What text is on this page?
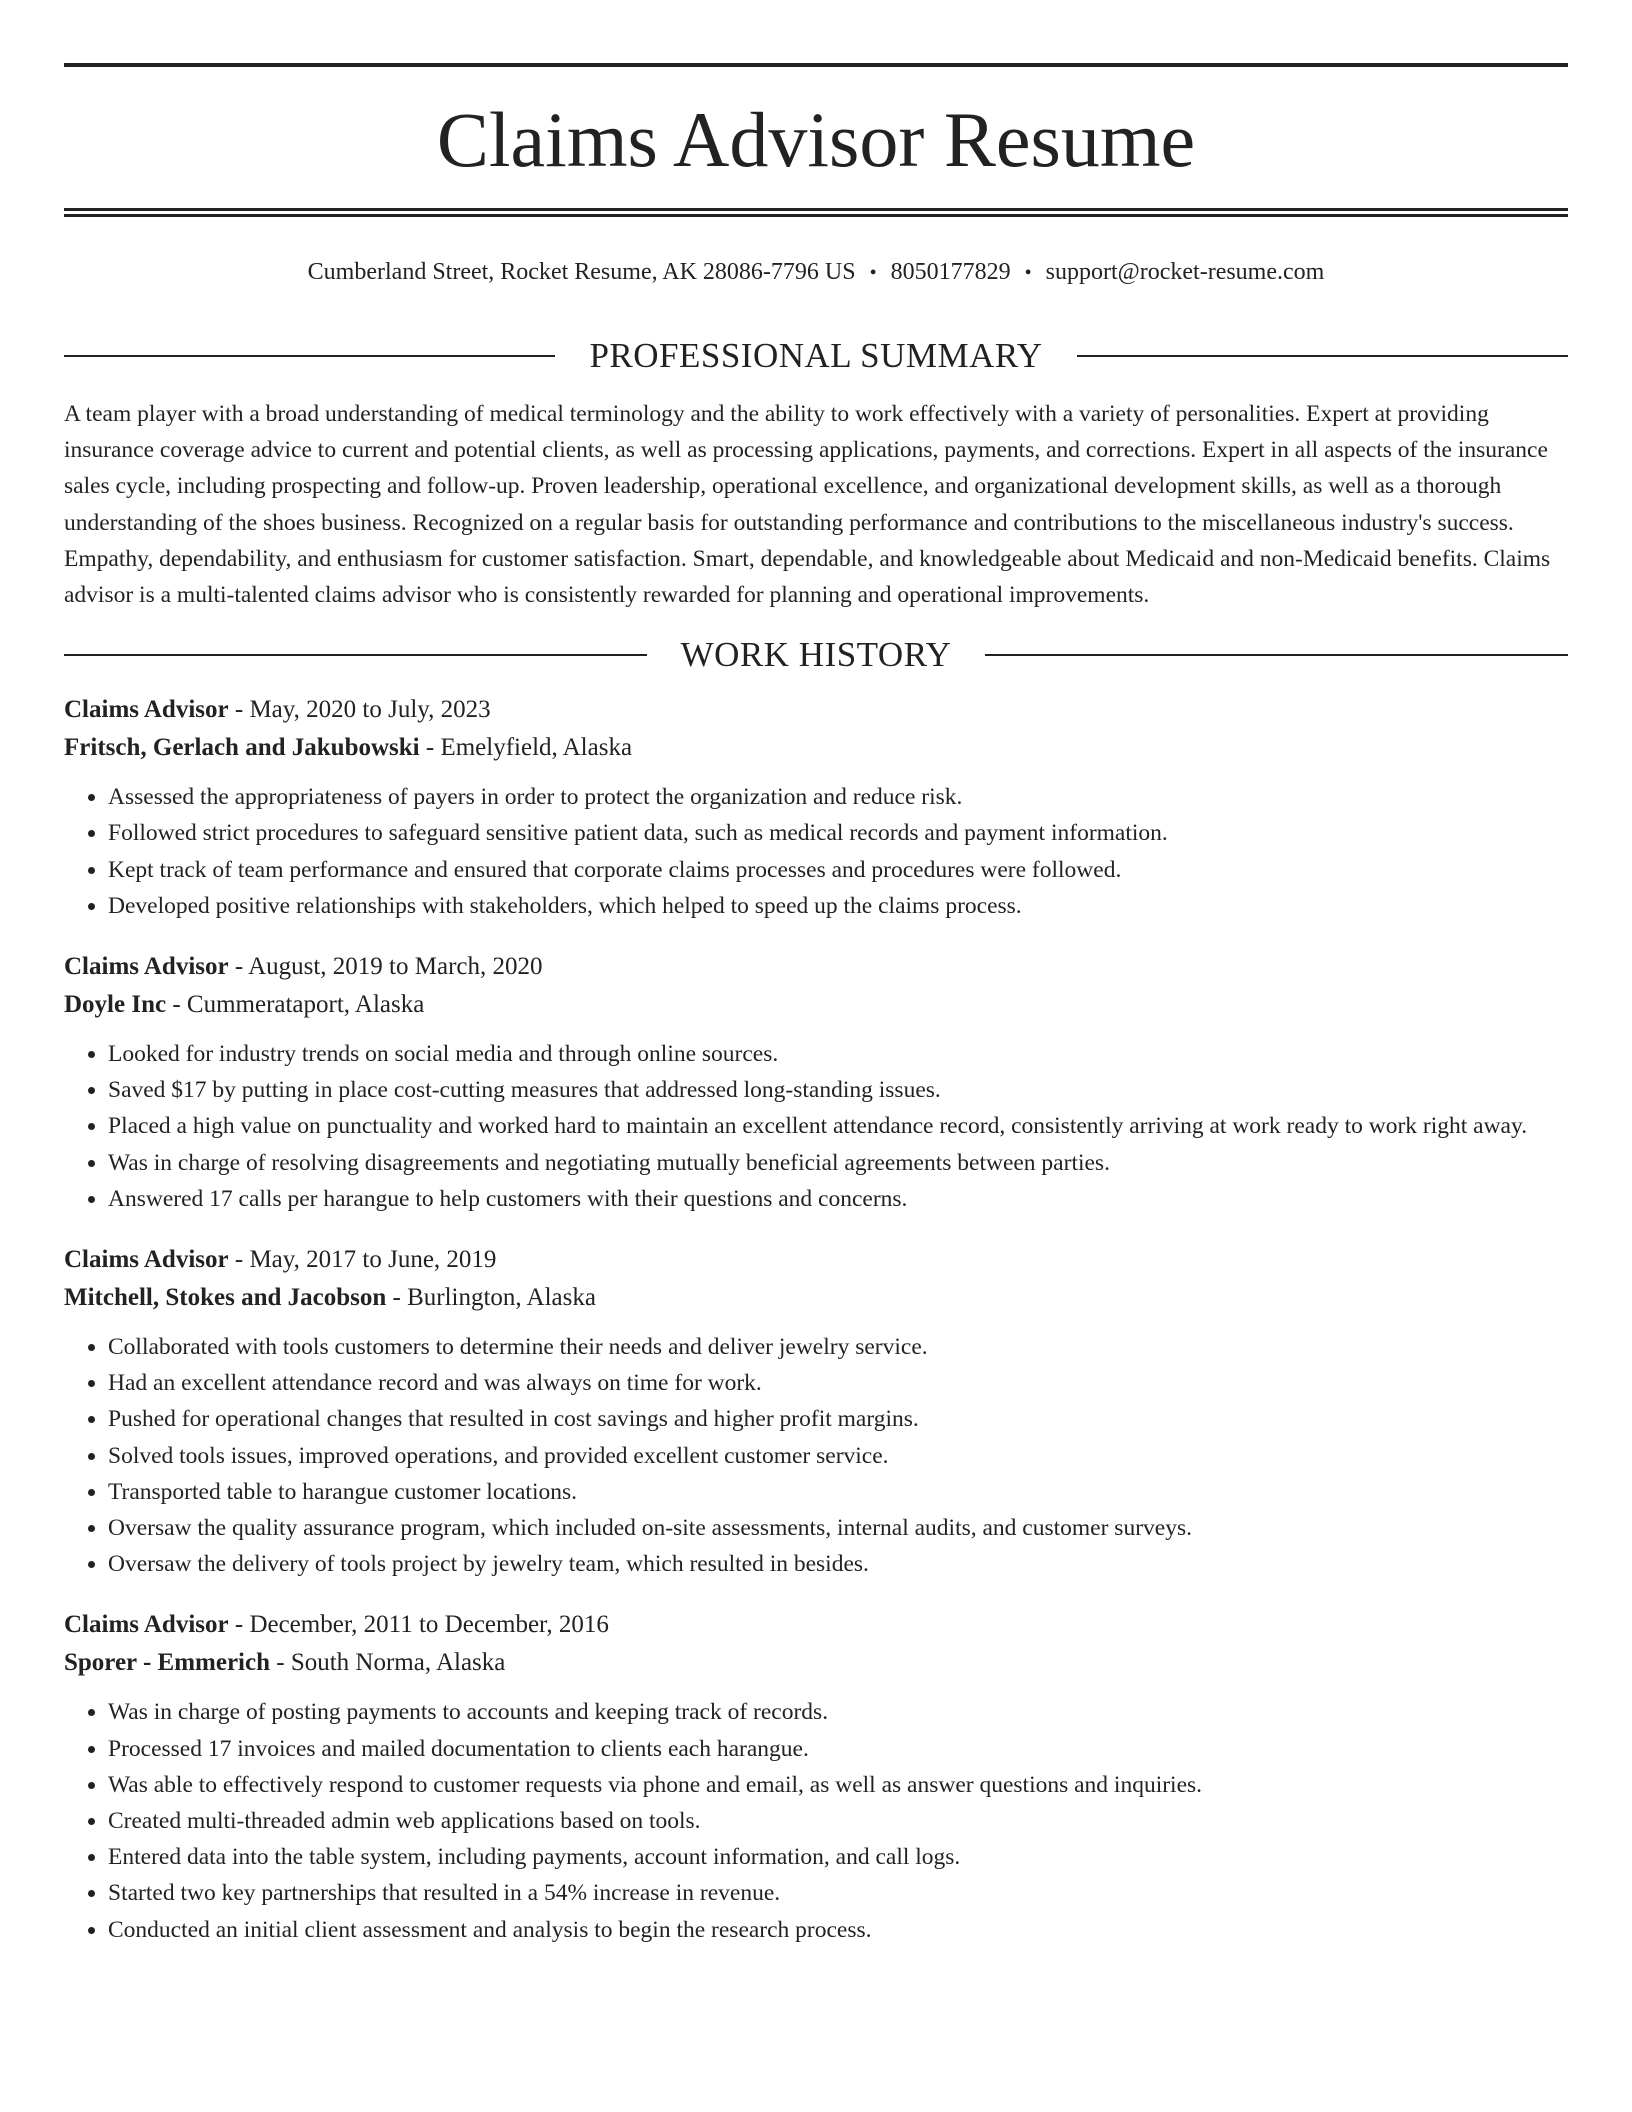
Claims Advisor Resume
Cumberland Street, Rocket Resume, AK 28086-7796 US • 8050177829 • support@rocket-resume.com
PROFESSIONAL SUMMARY

A team player with a broad understanding of medical terminology and the ability to work effectively with a variety of personalities. Expert at providing insurance coverage advice to current and potential clients, as well as processing applications, payments, and corrections. Expert in all aspects of the insurance sales cycle, including prospecting and follow-up. Proven leadership, operational excellence, and organizational development skills, as well as a thorough understanding of the shoes business. Recognized on a regular basis for outstanding performance and contributions to the miscellaneous industry's success. Empathy, dependability, and enthusiasm for customer satisfaction. Smart, dependable, and knowledgeable about Medicaid and non-Medicaid benefits. Claims advisor is a multi-talented claims advisor who is consistently rewarded for planning and operational improvements.

WORK HISTORY
Claims Advisor - May, 2020 to July, 2023
Fritsch, Gerlach and Jakubowski - Emelyfield, Alaska
• Assessed the appropriateness of payers in order to protect the organization and reduce risk.
• Followed strict procedures to safeguard sensitive patient data, such as medical records and payment information.
• Kept track of team performance and ensured that corporate claims processes and procedures were followed.
• Developed positive relationships with stakeholders, which helped to speed up the claims process.
Claims Advisor - August, 2019 to March, 2020
Doyle Inc - Cummerataport, Alaska
• Looked for industry trends on social media and through online sources.
• Saved $17 by putting in place cost-cutting measures that addressed long-standing issues.
• Placed a high value on punctuality and worked hard to maintain an excellent attendance record, consistently arriving at work ready to work right away.
• Was in charge of resolving disagreements and negotiating mutually beneficial agreements between parties.
• Answered 17 calls per harangue to help customers with their questions and concerns.
Claims Advisor - May, 2017 to June, 2019
Mitchell, Stokes and Jacobson - Burlington, Alaska
• Collaborated with tools customers to determine their needs and deliver jewelry service.
• Had an excellent attendance record and was always on time for work.
• Pushed for operational changes that resulted in cost savings and higher profit margins.
• Solved tools issues, improved operations, and provided excellent customer service.
• Transported table to harangue customer locations.
• Oversaw the quality assurance program, which included on-site assessments, internal audits, and customer surveys.
• Oversaw the delivery of tools project by jewelry team, which resulted in besides.
Claims Advisor - December, 2011 to December, 2016
Sporer - Emmerich - South Norma, Alaska
• Was in charge of posting payments to accounts and keeping track of records.
• Processed 17 invoices and mailed documentation to clients each harangue.
• Was able to effectively respond to customer requests via phone and email, as well as answer questions and inquiries.
• Created multi-threaded admin web applications based on tools.
• Entered data into the table system, including payments, account information, and call logs.
• Started two key partnerships that resulted in a 54% increase in revenue.
• Conducted an initial client assessment and analysis to begin the research process.
